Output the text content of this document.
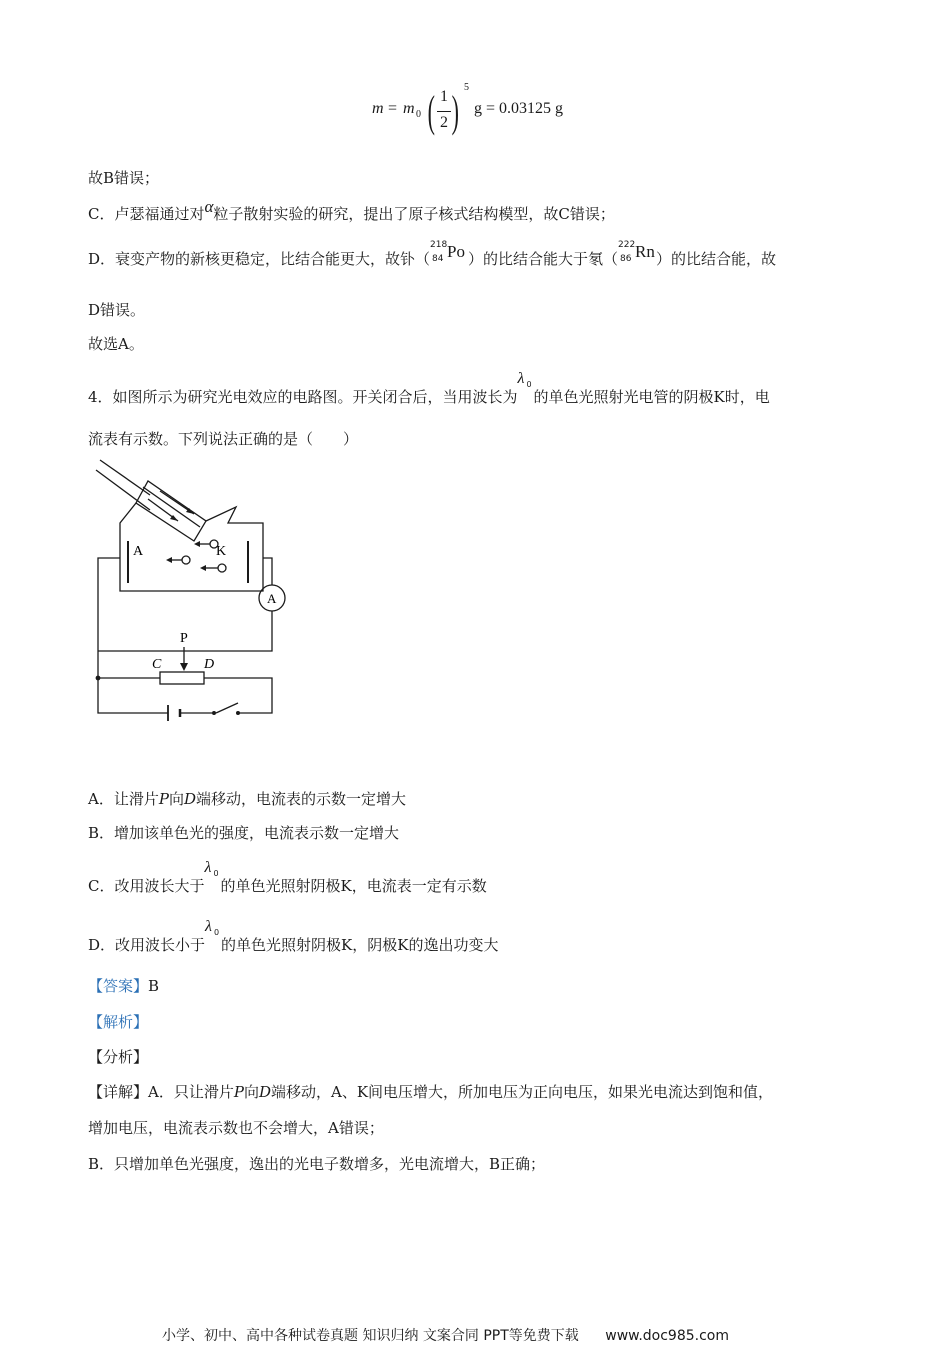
m = m 0 ( 1
2 ) 5
g = 0.03125 g
故B错误；
C．卢瑟福通过对α粒子散射实验的研究，提出了原子核式结构模型，故C错误；
D．衰变产物的新核更稳定，比结合能更大，故钋（
218
84 Po ）的比结合能大于氡（
222
86 Rn ）的比结合能，故
D错误。
故选A。
4．如图所示为研究光电效应的电路图。开关闭合后，当用波长为
λ 0
的单色光照射光电管的阴极K时，电
流表有示数。下列说法正确的是（　　）
A	K
A
P
C	D
A．让滑片P向D端移动，电流表的示数一定增大
B．增加该单色光的强度，电流表示数一定增大
C．改用波长大于
λ 0
的单色光照射阴极K，电流表一定有示数
D．改用波长小于
λ 0
的单色光照射阴极K，阴极K的逸出功变大
【答案】B
【解析】
【分析】
【详解】A．只让滑片P向D端移动，A、K间电压增大，所加电压为正向电压，如果光电流达到饱和值，
增加电压，电流表示数也不会增大，A错误；
B．只增加单色光强度，逸出的光电子数增多，光电流增大，B正确；
小学、初中、高中各种试卷真题 知识归纳 文案合同 PPT等免费下载 www.doc985.com
